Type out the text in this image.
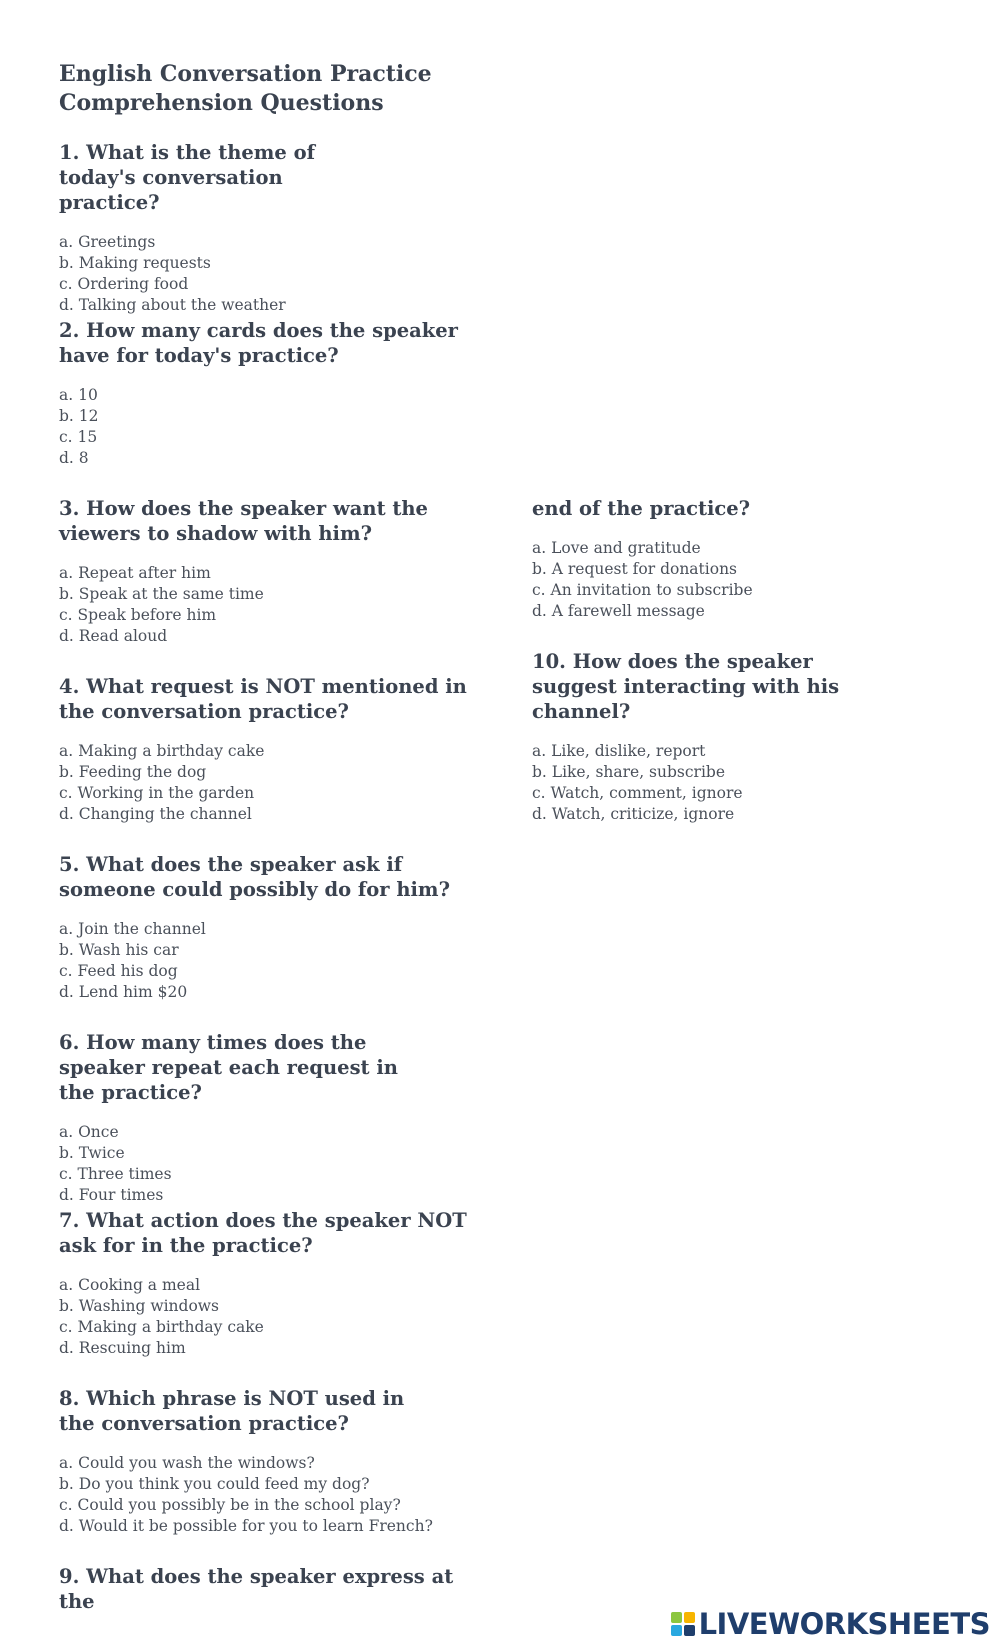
English Conversation Practice

Comprehension Questions

1. What is the theme of today's conversation practice?

a. Greetings

b. Making requests

c. Ordering food

d. Talking about the weather

2. How many cards does the speaker have for today's practice?

a. 10

b. 12

c. 15

d. 8

3. How does the speaker want the viewers to shadow with him?

a. Repeat after him

b. Speak at the same time

c. Speak before him

d. Read aloud

4. What request is NOT mentioned in the conversation practice?

a. Making a birthday cake

b. Feeding the dog

c. Working in the garden

d. Changing the channel

5. What does the speaker ask if someone could possibly do for him?

a. Join the channel

b. Wash his car

c. Feed his dog

d. Lend him $20

6. How many times does the speaker repeat each request in the practice?

a. Once

b. Twice

c. Three times

d. Four times

7. What action does the speaker NOT ask for in the practice?

a. Cooking a meal

b. Washing windows

c. Making a birthday cake

d. Rescuing him

8. Which phrase is NOT used in the conversation practice?

a. Could you wash the windows?

b. Do you think you could feed my dog?

c. Could you possibly be in the school play?

d. Would it be possible for you to learn French?

9. What does the speaker express at the

end of the practice?

a. Love and gratitude

b. A request for donations

c. An invitation to subscribe

d. A farewell message

10. How does the speaker suggest interacting with his channel?

a. Like, dislike, report

b. Like, share, subscribe

c. Watch, comment, ignore

d. Watch, criticize, ignore

LIVEWORKSHEETS
